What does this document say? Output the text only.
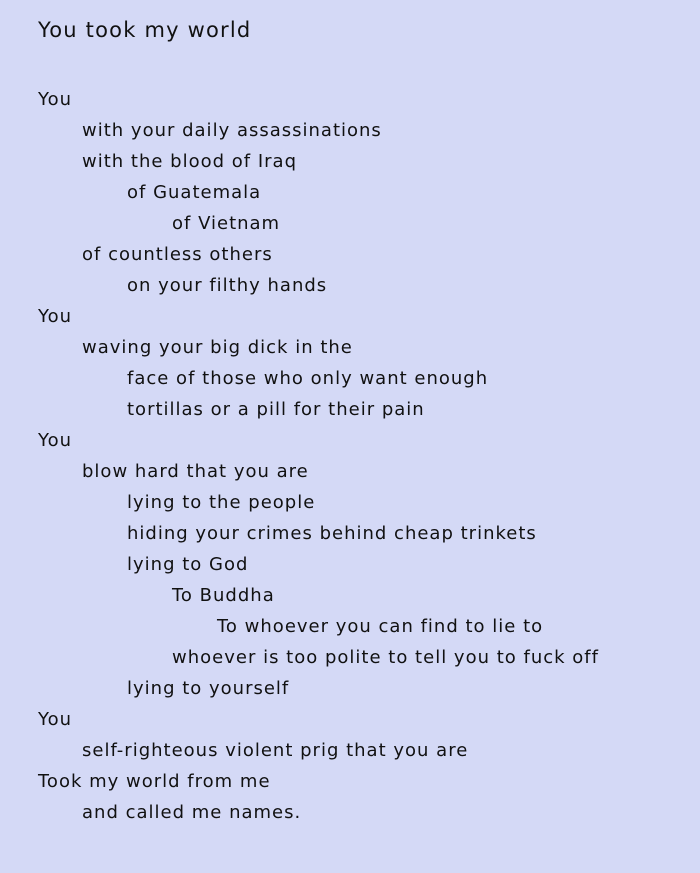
You took my world
You
with your daily assassinations
with the blood of Iraq
of Guatemala
of Vietnam
of countless others
on your filthy hands
You
waving your big dick in the
face of those who only want enough
tortillas or a pill for their pain
You
blow hard that you are
lying to the people
hiding your crimes behind cheap trinkets
lying to God
To Buddha
To whoever you can find to lie to
whoever is too polite to tell you to fuck off
lying to yourself
You
self-righteous violent prig that you are
Took my world from me
and called me names.
